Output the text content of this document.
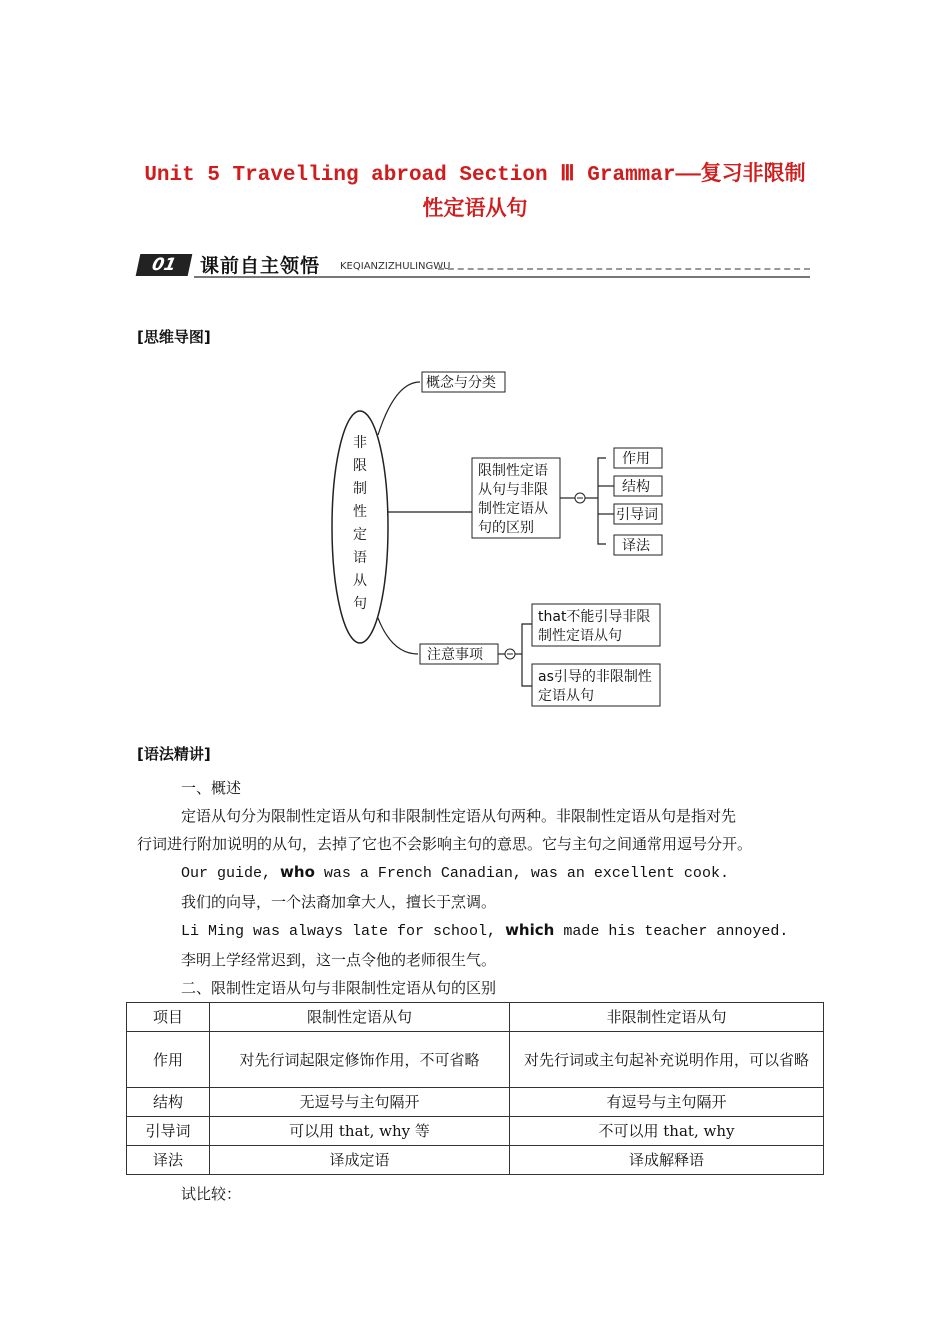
Unit 5 Travelling abroad Section Ⅲ Grammar——复习非限制
性定语从句
01	课前自主领悟 KEQIANZIZHULINGWU
[思维导图]
非
限
制
性
定
语
从
句
概念与分类
限制性定语
从句与非限
制性定语从
句的区别
作用
结构
引导词
译法
注意事项
that不能引导非限
制性定语从句
as引导的非限制性
定语从句
[语法精讲]
一、概述
定语从句分为限制性定语从句和非限制性定语从句两种。非限制性定语从句是指对先
行词进行附加说明的从句，去掉了它也不会影响主句的意思。它与主句之间通常用逗号分开。
Our guide, who was a French Canadian, was an excellent cook.
我们的向导，一个法裔加拿大人，擅长于烹调。
Li Ming was always late for school, which made his teacher annoyed.
李明上学经常迟到，这一点令他的老师很生气。
二、限制性定语从句与非限制性定语从句的区别
项目	限制性定语从句	非限制性定语从句
作用	对先行词起限定修饰作用，不可省略	对先行词或主句起补充说明作用，可以省略
结构	无逗号与主句隔开	有逗号与主句隔开
引导词	可以用 that, why 等	不可以用 that, why
译法	译成定语	译成解释语
试比较：
